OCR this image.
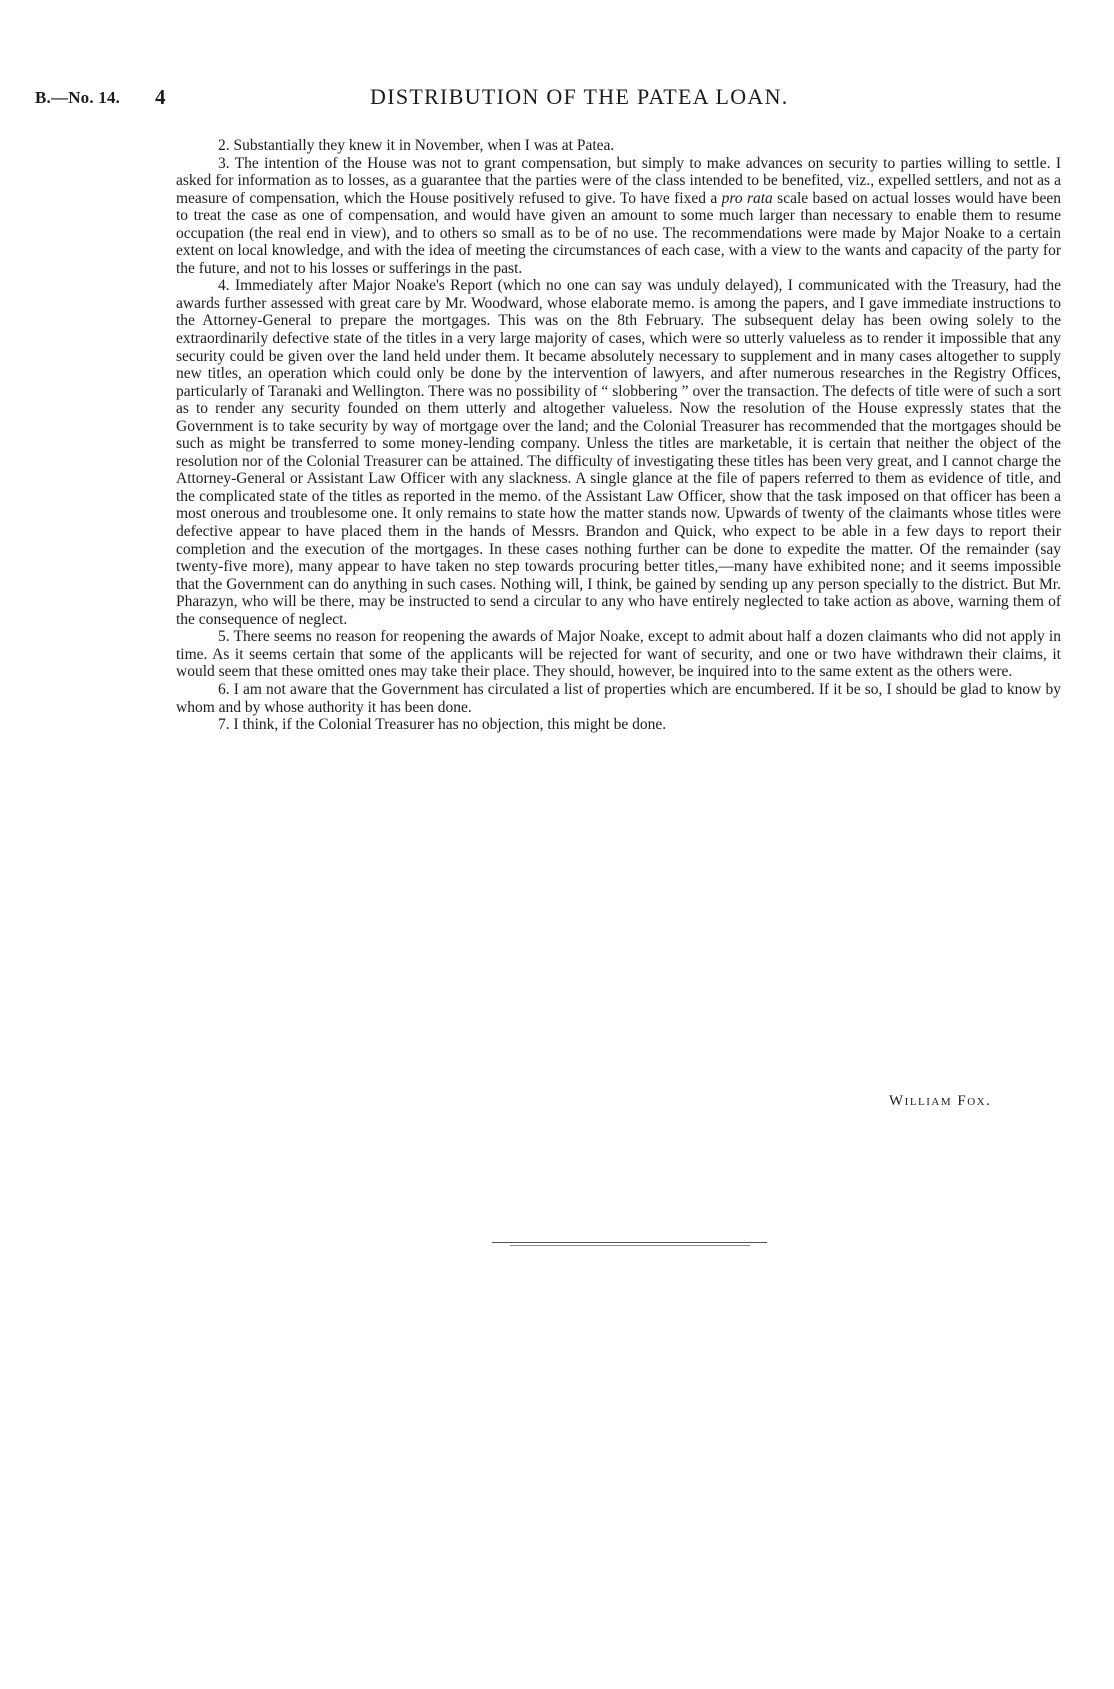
B.—No. 14. 4	DISTRIBUTION OF THE PATEA LOAN.

2. Substantially they knew it in November, when I was at Patea.

3. The intention of the House was not to grant compensation, but simply to make advances on security to parties willing to settle. I asked for information as to losses, as a guarantee that the parties were of the class intended to be benefited, viz., expelled settlers, and not as a measure of compensation, which the House positively refused to give. To have fixed a pro rata scale based on actual losses would have been to treat the case as one of compensation, and would have given an amount to some much larger than necessary to enable them to resume occupation (the real end in view), and to others so small as to be of no use. The recommendations were made by Major Noake to a certain extent on local knowledge, and with the idea of meeting the circumstances of each case, with a view to the wants and capacity of the party for the future, and not to his losses or sufferings in the past.

4. Immediately after Major Noake's Report (which no one can say was unduly delayed), I communicated with the Treasury, had the awards further assessed with great care by Mr. Woodward, whose elaborate memo. is among the papers, and I gave immediate instructions to the Attorney-General to prepare the mortgages. This was on the 8th February. The subsequent delay has been owing solely to the extraordinarily defective state of the titles in a very large majority of cases, which were so utterly valueless as to render it impossible that any security could be given over the land held under them. It became absolutely necessary to supplement and in many cases altogether to supply new titles, an operation which could only be done by the intervention of lawyers, and after numerous researches in the Registry Offices, particularly of Taranaki and Wellington. There was no possibility of “ slobbering ” over the transaction. The defects of title were of such a sort as to render any security founded on them utterly and altogether valueless. Now the resolution of the House expressly states that the Government is to take security by way of mortgage over the land; and the Colonial Treasurer has recommended that the mortgages should be such as might be transferred to some money-lending company. Unless the titles are marketable, it is certain that neither the object of the resolution nor of the Colonial Treasurer can be attained. The difficulty of investigating these titles has been very great, and I cannot charge the Attorney-General or Assistant Law Officer with any slackness. A single glance at the file of papers referred to them as evidence of title, and the complicated state of the titles as reported in the memo. of the Assistant Law Officer, show that the task imposed on that officer has been a most onerous and troublesome one. It only remains to state how the matter stands now. Upwards of twenty of the claimants whose titles were defective appear to have placed them in the hands of Messrs. Brandon and Quick, who expect to be able in a few days to report their completion and the execution of the mortgages. In these cases nothing further can be done to expedite the matter. Of the remainder (say twenty-five more), many appear to have taken no step towards procuring better titles,—many have exhibited none; and it seems impossible that the Government can do anything in such cases. Nothing will, I think, be gained by sending up any person specially to the district. But Mr. Pharazyn, who will be there, may be instructed to send a circular to any who have entirely neglected to take action as above, warning them of the consequence of neglect.

5. There seems no reason for reopening the awards of Major Noake, except to admit about half a dozen claimants who did not apply in time. As it seems certain that some of the applicants will be rejected for want of security, and one or two have withdrawn their claims, it would seem that these omitted ones may take their place. They should, however, be inquired into to the same extent as the others were.

6. I am not aware that the Government has circulated a list of properties which are encumbered. If it be so, I should be glad to know by whom and by whose authority it has been done.

7. I think, if the Colonial Treasurer has no objection, this might be done.

William Fox.
